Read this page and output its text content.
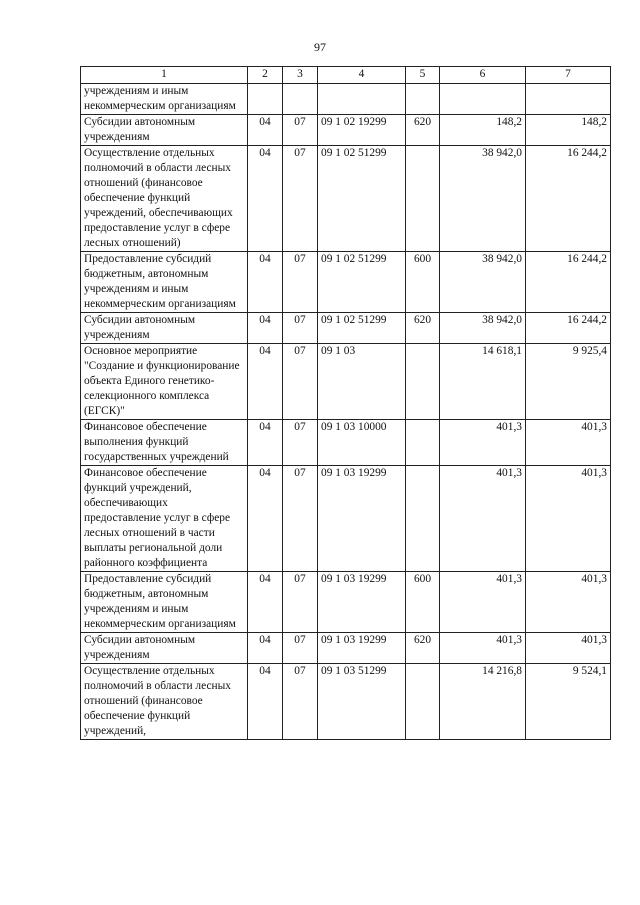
97
1	2	3	4	5	6	7
учреждениям и иным некоммерческим организациям						
Субсидии автономным учреждениям	04	07	09 1 02 19299	620	148,2	148,2
Осуществление отдельных полномочий в области лесных отношений (финансовое обеспечение функций учреждений, обеспечивающих предоставление услуг в сфере лесных отношений)	04	07	09 1 02 51299		38 942,0	16 244,2
Предоставление субсидий бюджетным, автономным учреждениям и иным некоммерческим организациям	04	07	09 1 02 51299	600	38 942,0	16 244,2
Субсидии автономным учреждениям	04	07	09 1 02 51299	620	38 942,0	16 244,2
Основное мероприятие "Создание и функционирование объекта Единого генетико-селекционного комплекса (ЕГСК)"	04	07	09 1 03		14 618,1	9 925,4
Финансовое обеспечение выполнения функций государственных учреждений	04	07	09 1 03 10000		401,3	401,3
Финансовое обеспечение функций учреждений, обеспечивающих предоставление услуг в сфере лесных отношений в части выплаты региональной доли районного коэффициента	04	07	09 1 03 19299		401,3	401,3
Предоставление субсидий бюджетным, автономным учреждениям и иным некоммерческим организациям	04	07	09 1 03 19299	600	401,3	401,3
Субсидии автономным учреждениям	04	07	09 1 03 19299	620	401,3	401,3
Осуществление отдельных полномочий в области лесных отношений (финансовое обеспечение функций учреждений,	04	07	09 1 03 51299		14 216,8	9 524,1
